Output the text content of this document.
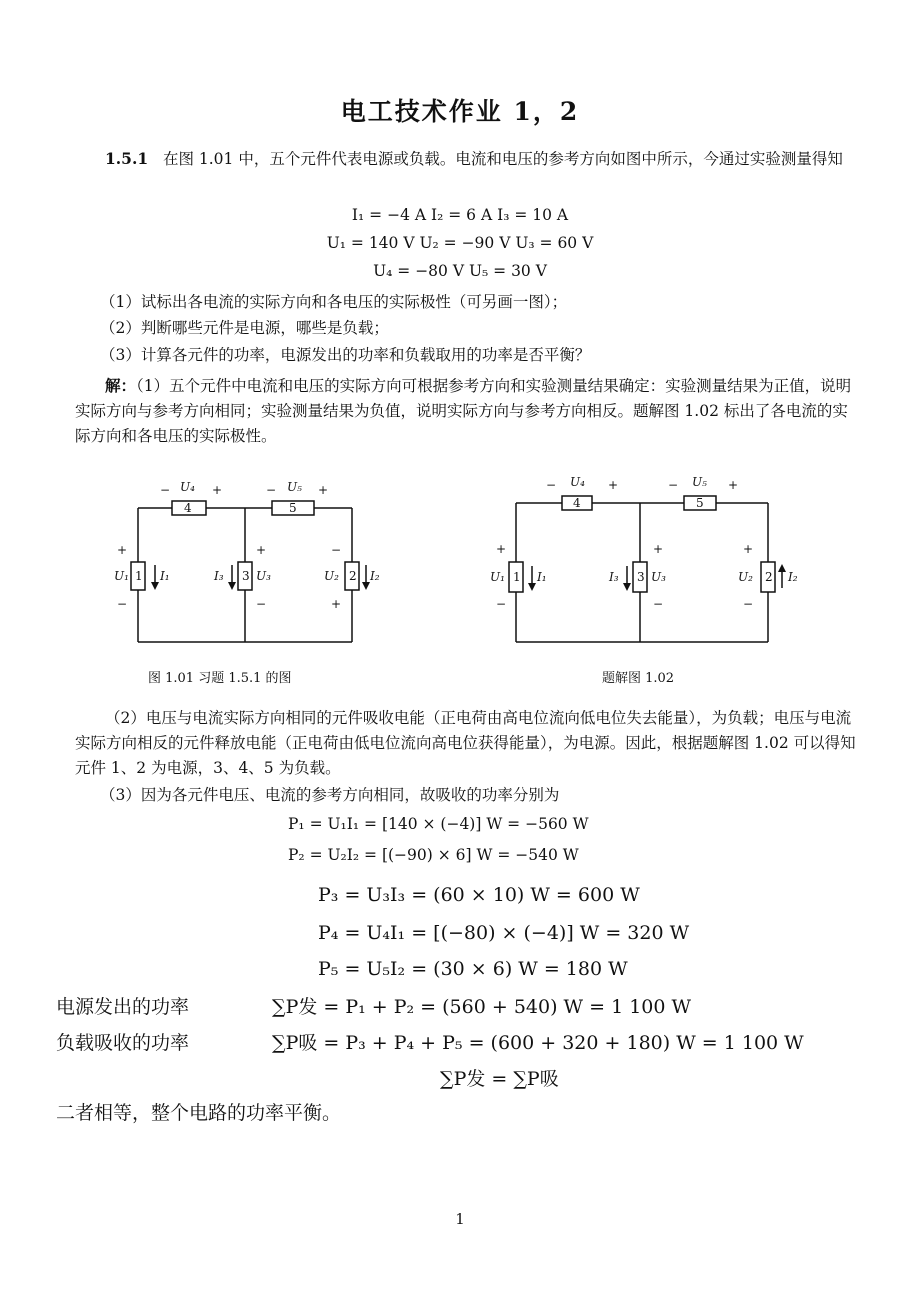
电工技术作业 1，2
1.5.1 在图 1.01 中，五个元件代表电源或负载。电流和电压的参考方向如图中所示，今通过实验测量得知
I₁ = −4 A I₂ = 6 A I₃ = 10 A
U₁ = 140 V U₂ = −90 V U₃ = 60 V
U₄ = −80 V U₅ = 30 V
（1）试标出各电流的实际方向和各电压的实际极性（可另画一图）；
（2）判断哪些元件是电源，哪些是负载；
（3）计算各元件的功率，电源发出的功率和负载取用的功率是否平衡？
解：（1）五个元件中电流和电压的实际方向可根据参考方向和实验测量结果确定：实验测量结果为正值，说明实际方向与参考方向相同；实验测量结果为负值，说明实际方向与参考方向相反。题解图 1.02 标出了各电流的实际方向和各电压的实际极性。
4	5
1	3	2
− U₄ +	− U₅ +
+
U₁
−
I₁	I₃
+
U₃
−
−
U₂
+
I₂
图 1.01 习题 1.5.1 的图
4	5
1	3	2
− U₄ +	− U₅ +
+
U₁
−
I₁	I₃
+
U₃
−
+
U₂
−
I₂
题解图 1.02
（2）电压与电流实际方向相同的元件吸收电能（正电荷由高电位流向低电位失去能量），为负载；电压与电流实际方向相反的元件释放电能（正电荷由低电位流向高电位获得能量），为电源。因此，根据题解图 1.02 可以得知元件 1、2 为电源，3、4、5 为负载。
（3）因为各元件电压、电流的参考方向相同，故吸收的功率分别为
P₁ = U₁I₁ = [140 × (−4)] W = −560 W
P₂ = U₂I₂ = [(−90) × 6] W = −540 W
P₃ = U₃I₃ = (60 × 10) W = 600 W
P₄ = U₄I₁ = [(−80) × (−4)] W = 320 W
P₅ = U₅I₂ = (30 × 6) W = 180 W
电源发出的功率	∑P发 = P₁ + P₂ = (560 + 540) W = 1 100 W
负载吸收的功率	∑P吸 = P₃ + P₄ + P₅ = (600 + 320 + 180) W = 1 100 W
∑P发 = ∑P吸
二者相等，整个电路的功率平衡。
1
